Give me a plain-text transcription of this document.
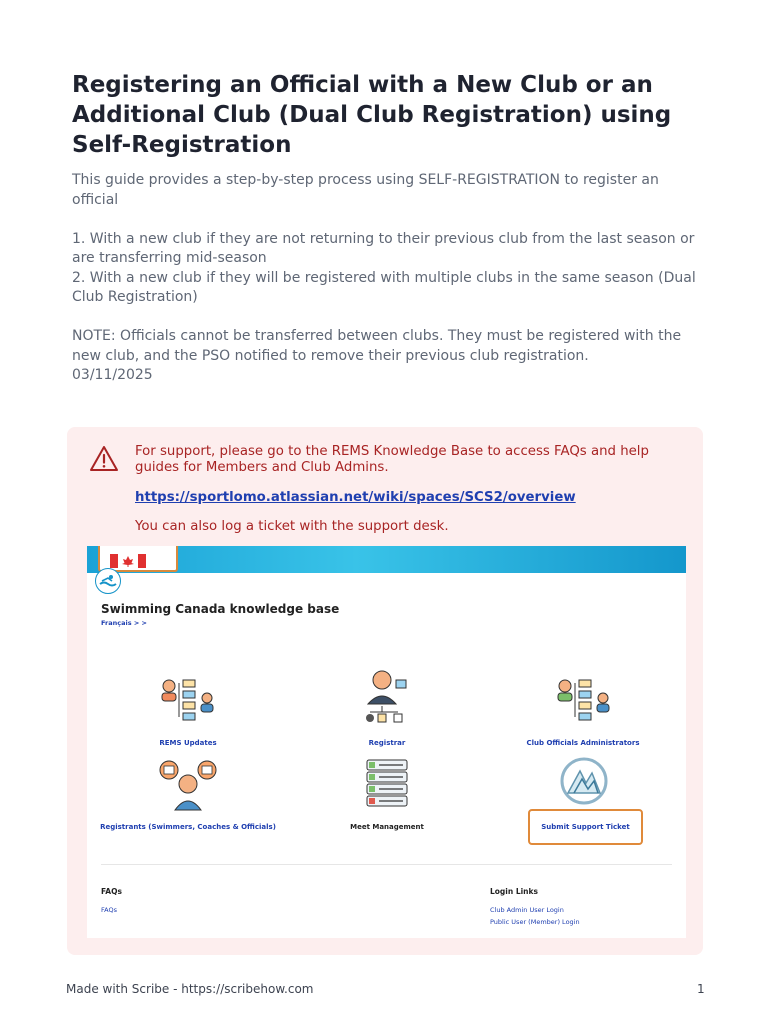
Registering an Official with a New Club or an Additional Club (Dual Club Registration) using Self-Registration

This guide provides a step-by-step process using SELF-REGISTRATION to register an official

1. With a new club if they are not returning to their previous club from the last season or are transferring mid-season

2. With a new club if they will be registered with multiple clubs in the same season (Dual Club Registration)

NOTE: Officials cannot be transferred between clubs. They must be registered with the new club, and the PSO notified to remove their previous club registration.

03/11/2025

For support, please go to the REMS Knowledge Base to access FAQs and help guides for Members and Club Admins.
https://sportlomo.atlassian.net/wiki/spaces/SCS2/overview
You can also log a ticket with the support desk.
Swimming Canada knowledge base
Français > >
REMS Updates	Registrar	Club Officials Administrators
Registrants (Swimmers, Coaches & Officials)	Meet Management	Submit Support Ticket
FAQs
FAQs
Login Links
Club Admin User Login
Public User (Member) Login
Made with Scribe - https://scribehow.com	1
